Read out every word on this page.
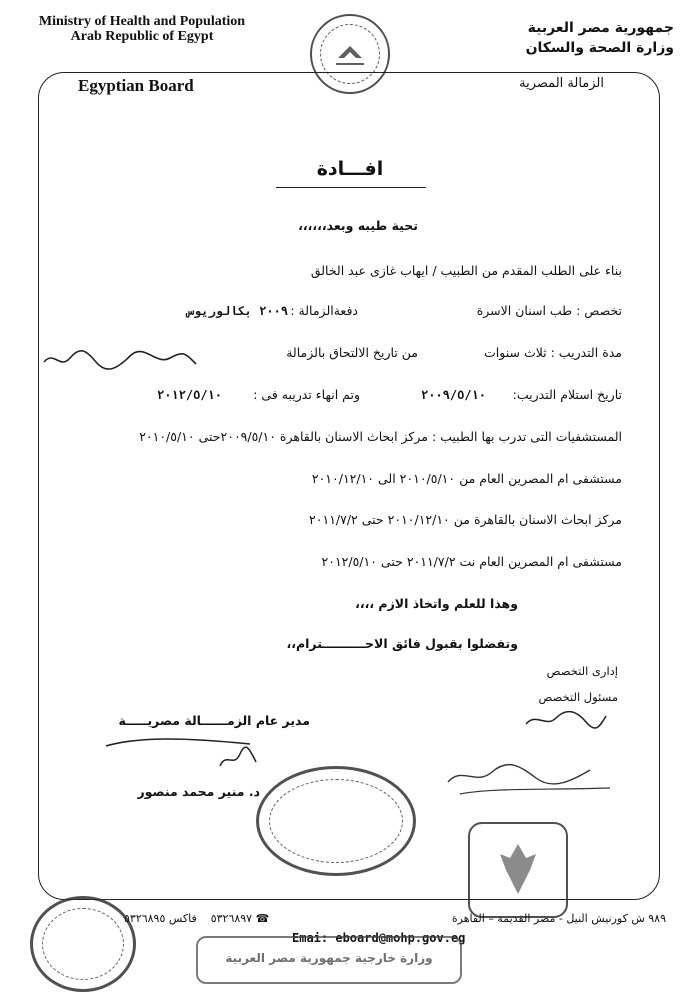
Ministry of Health and Population
Arab Republic of Egypt
جمهورية مصر العربية
وزارة الصحة والسكان
Egyptian Board	الزمالة المصرية
افـــادة
تحية طيبه وبعد،،،،،،
بناء على الطلب المقدم من الطبيب / ايهاب غازى عبد الخالق
تخصص : طب اسنان الاسرة
دفعةالزمالة :
٢٠٠٩ بكالوريوس
مدة التدريب : ثلاث سنوات
من تاريخ الالتحاق بالزمالة
تاريخ استلام التدريب:
٢٠٠٩/٥/١٠
وتم انهاء تدريبه فى :
٢٠١٢/٥/١٠
المستشفيات التى تدرب بها الطبيب : مركز ابحاث الاسنان بالقاهرة ٢٠٠٩/٥/١٠حتى ٢٠١٠/٥/١٠
مستشفى ام المصرين العام من ٢٠١٠/٥/١٠ الى ٢٠١٠/١٢/١٠
مركز ابحاث الاسنان بالقاهرة من ٢٠١٠/١٢/١٠ حتى ٢٠١١/٧/٢
مستشفى ام المصرين العام نت ٢٠١١/٧/٢ حتى ٢٠١٢/٥/١٠
وهذا للعلم واتخاذ الازم ،،،،
وتفضلوا بقبول فائق الاحــــــــــترام،،
إدارى التخصص
مسئول التخصص
مدير عام الزمــــــالة مصريـــــة
د. منير محمد منصور
٩٨٩ ش كورنيش النيل - مصر القديمة – القاهرة
☎ ٥٣٢٦٨٩٧    فاكس ٥٣٢٦٨٩٥
Emai: eboard@mohp.gov.eg
وزارة خارجية جمهورية مصر العربية
